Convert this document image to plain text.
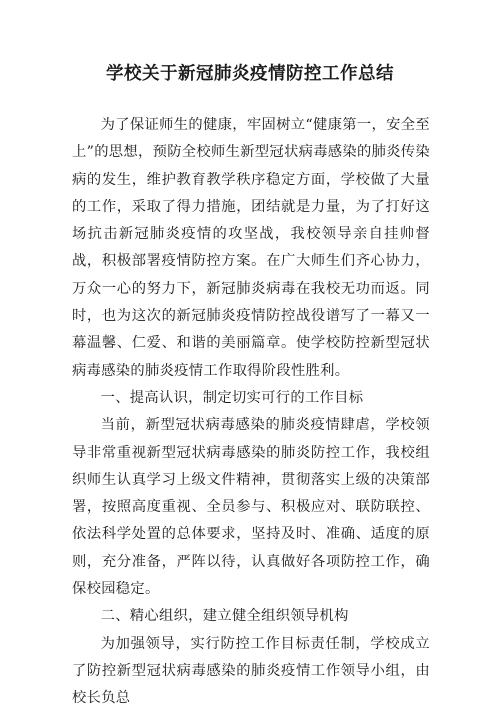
学校关于新冠肺炎疫情防控工作总结

为了保证师生的健康，牢固树立“健康第一，安全至上”的思想，预防全校师生新型冠状病毒感染的肺炎传染病的发生，维护教育教学秩序稳定方面，学校做了大量的工作，采取了得力措施，团结就是力量，为了打好这场抗击新冠肺炎疫情的攻坚战，我校领导亲自挂帅督战，积极部署疫情防控方案。在广大师生们齐心协力，万众一心的努力下，新冠肺炎病毒在我校无功而返。同时，也为这次的新冠肺炎疫情防控战役谱写了一幕又一幕温馨、仁爱、和谐的美丽篇章。使学校防控新型冠状病毒感染的肺炎疫情工作取得阶段性胜利。

一、提高认识，制定切实可行的工作目标

当前，新型冠状病毒感染的肺炎疫情肆虐，学校领导非常重视新型冠状病毒感染的肺炎防控工作，我校组织师生认真学习上级文件精神，贯彻落实上级的决策部署，按照高度重视、全员参与、积极应对、联防联控、依法科学处置的总体要求，坚持及时、准确、适度的原则，充分准备，严阵以待，认真做好各项防控工作，确保校园稳定。

二、精心组织，建立健全组织领导机构

为加强领导，实行防控工作目标责任制，学校成立了防控新型冠状病毒感染的肺炎疫情工作领导小组，由校长负总
